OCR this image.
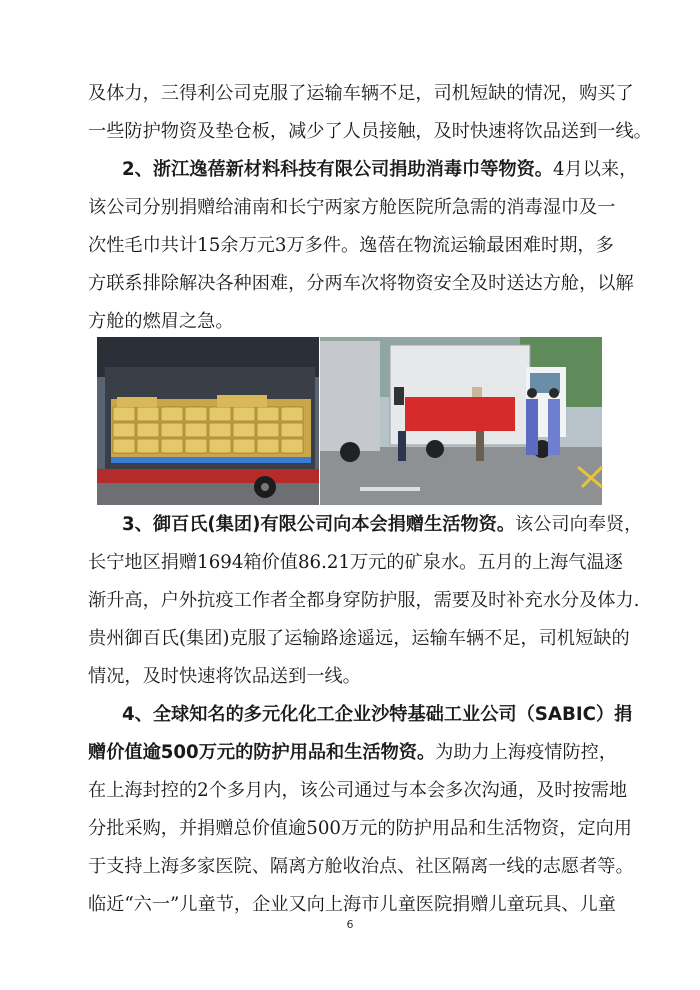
及体力，三得利公司克服了运输车辆不足，司机短缺的情况，购买了
一些防护物资及垫仓板，减少了人员接触，及时快速将饮品送到一线。
2、浙江逸蓓新材料科技有限公司捐助消毒巾等物资。4月以来，
该公司分别捐赠给浦南和长宁两家方舱医院所急需的消毒湿巾及一
次性毛巾共计15余万元3万多件。逸蓓在物流运输最困难时期，多
方联系排除解决各种困难，分两车次将物资安全及时送达方舱，以解
方舱的燃眉之急。
3、御百氏(集团)有限公司向本会捐赠生活物资。该公司向奉贤，
长宁地区捐赠1694箱价值86.21万元的矿泉水。五月的上海气温逐
渐升高，户外抗疫工作者全都身穿防护服，需要及时补充水分及体力.
贵州御百氏(集团)克服了运输路途遥远，运输车辆不足，司机短缺的
情况，及时快速将饮品送到一线。
4、全球知名的多元化化工企业沙特基础工业公司（SABIC）捐
赠价值逾500万元的防护用品和生活物资。为助力上海疫情防控，
在上海封控的2个多月内，该公司通过与本会多次沟通，及时按需地
分批采购，并捐赠总价值逾500万元的防护用品和生活物资，定向用
于支持上海多家医院、隔离方舱收治点、社区隔离一线的志愿者等。
临近“六一”儿童节，企业又向上海市儿童医院捐赠儿童玩具、儿童
6
